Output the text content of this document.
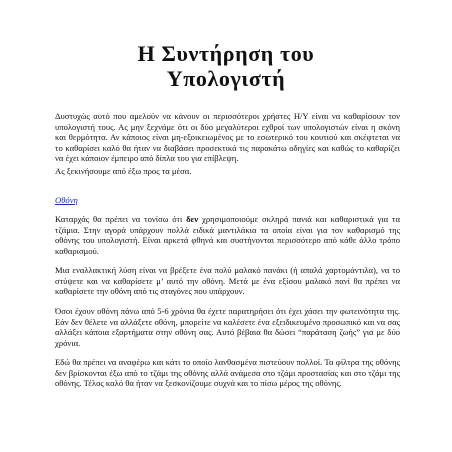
Η Συντήρηση του
Υπολογιστή

Δυστυχώς αυτό που αμελούν να κάνουν οι περισσότεροι χρήστες Η/Υ είναι να καθαρίσουν τον υπολογιστή τους. Ας μην ξεχνάμε ότι οι δύο μεγαλύτεροι εχθροί των υπολογιστών είναι η σκόνη και θερμότητα. Αν κάποιος είναι μη-εξοικειωμένος με το εσωτερικό του κουτιού και σκέφτεται να το καθαρίσει καλό θα ήταν να διαβάσει προσεκτικά τις παρακάτω οδηγίες και καθώς το καθαρίζει να έχει κάποιον έμπειρο από δίπλα του για επίβλεψη.

Ας ξεκινήσουμε από έξω προς τα μέσα.

Οθόνη

Καταρχάς θα πρέπει να τονίσω ότι δεν χρησιμοποιούμε σκληρά πανιά και καθαριστικά για τα τζάμια. Στην αγορά υπάρχουν πολλά ειδικά μαντιλάκια τα οποία είναι για τον καθαρισμό της οθόνης του υπολογιστή. Είναι αρκετά φθηνά και συστήνονται περισσότερο από κάθε άλλο τρόπο καθαρισμού.

Μια εναλλακτική λύση είναι να βρέξετε ένα πολύ μαλακό πανάκι (ή απαλά χαρτομάντιλα), να το στύψετε και να καθαρίσετε μ’ αυτό την οθόνη. Μετά με ένα εξίσου μαλακό πανί θα πρέπει να καθαρίσετε την οθόνη από τις σταγόνες που υπάρχουν.

Όσοι έχουν οθόνη πάνω από 5-6 χρόνια θα έχετε παρατηρήσει ότι έχει χάσει την φωτεινότητα της. Εάν δεν θέλετε να αλλάξετε οθόνη, μπορείτε να καλέσετε ένα εξειδικευμένο προσωπικό και να σας αλλάξει κάποια εξαρτήματα στην οθόνη σας. Αυτό βέβαια θα δώσει “παράταση ζωής” για με δύο χρόνια.

Εδώ θα πρέπει να αναφέρω και κάτι το οποίο λανθασμένα πιστεύουν πολλοί. Τα φίλτρα της οθόνης δεν βρίσκονται έξω από το τζάμι της οθόνης αλλά ανάμεσα στο τζάμι προστασίας και στο τζάμι της οθόνης. Τέλος καλό θα ήταν να ξεσκονίζουμε συχνά και το πίσω μέρος της οθόνης.
